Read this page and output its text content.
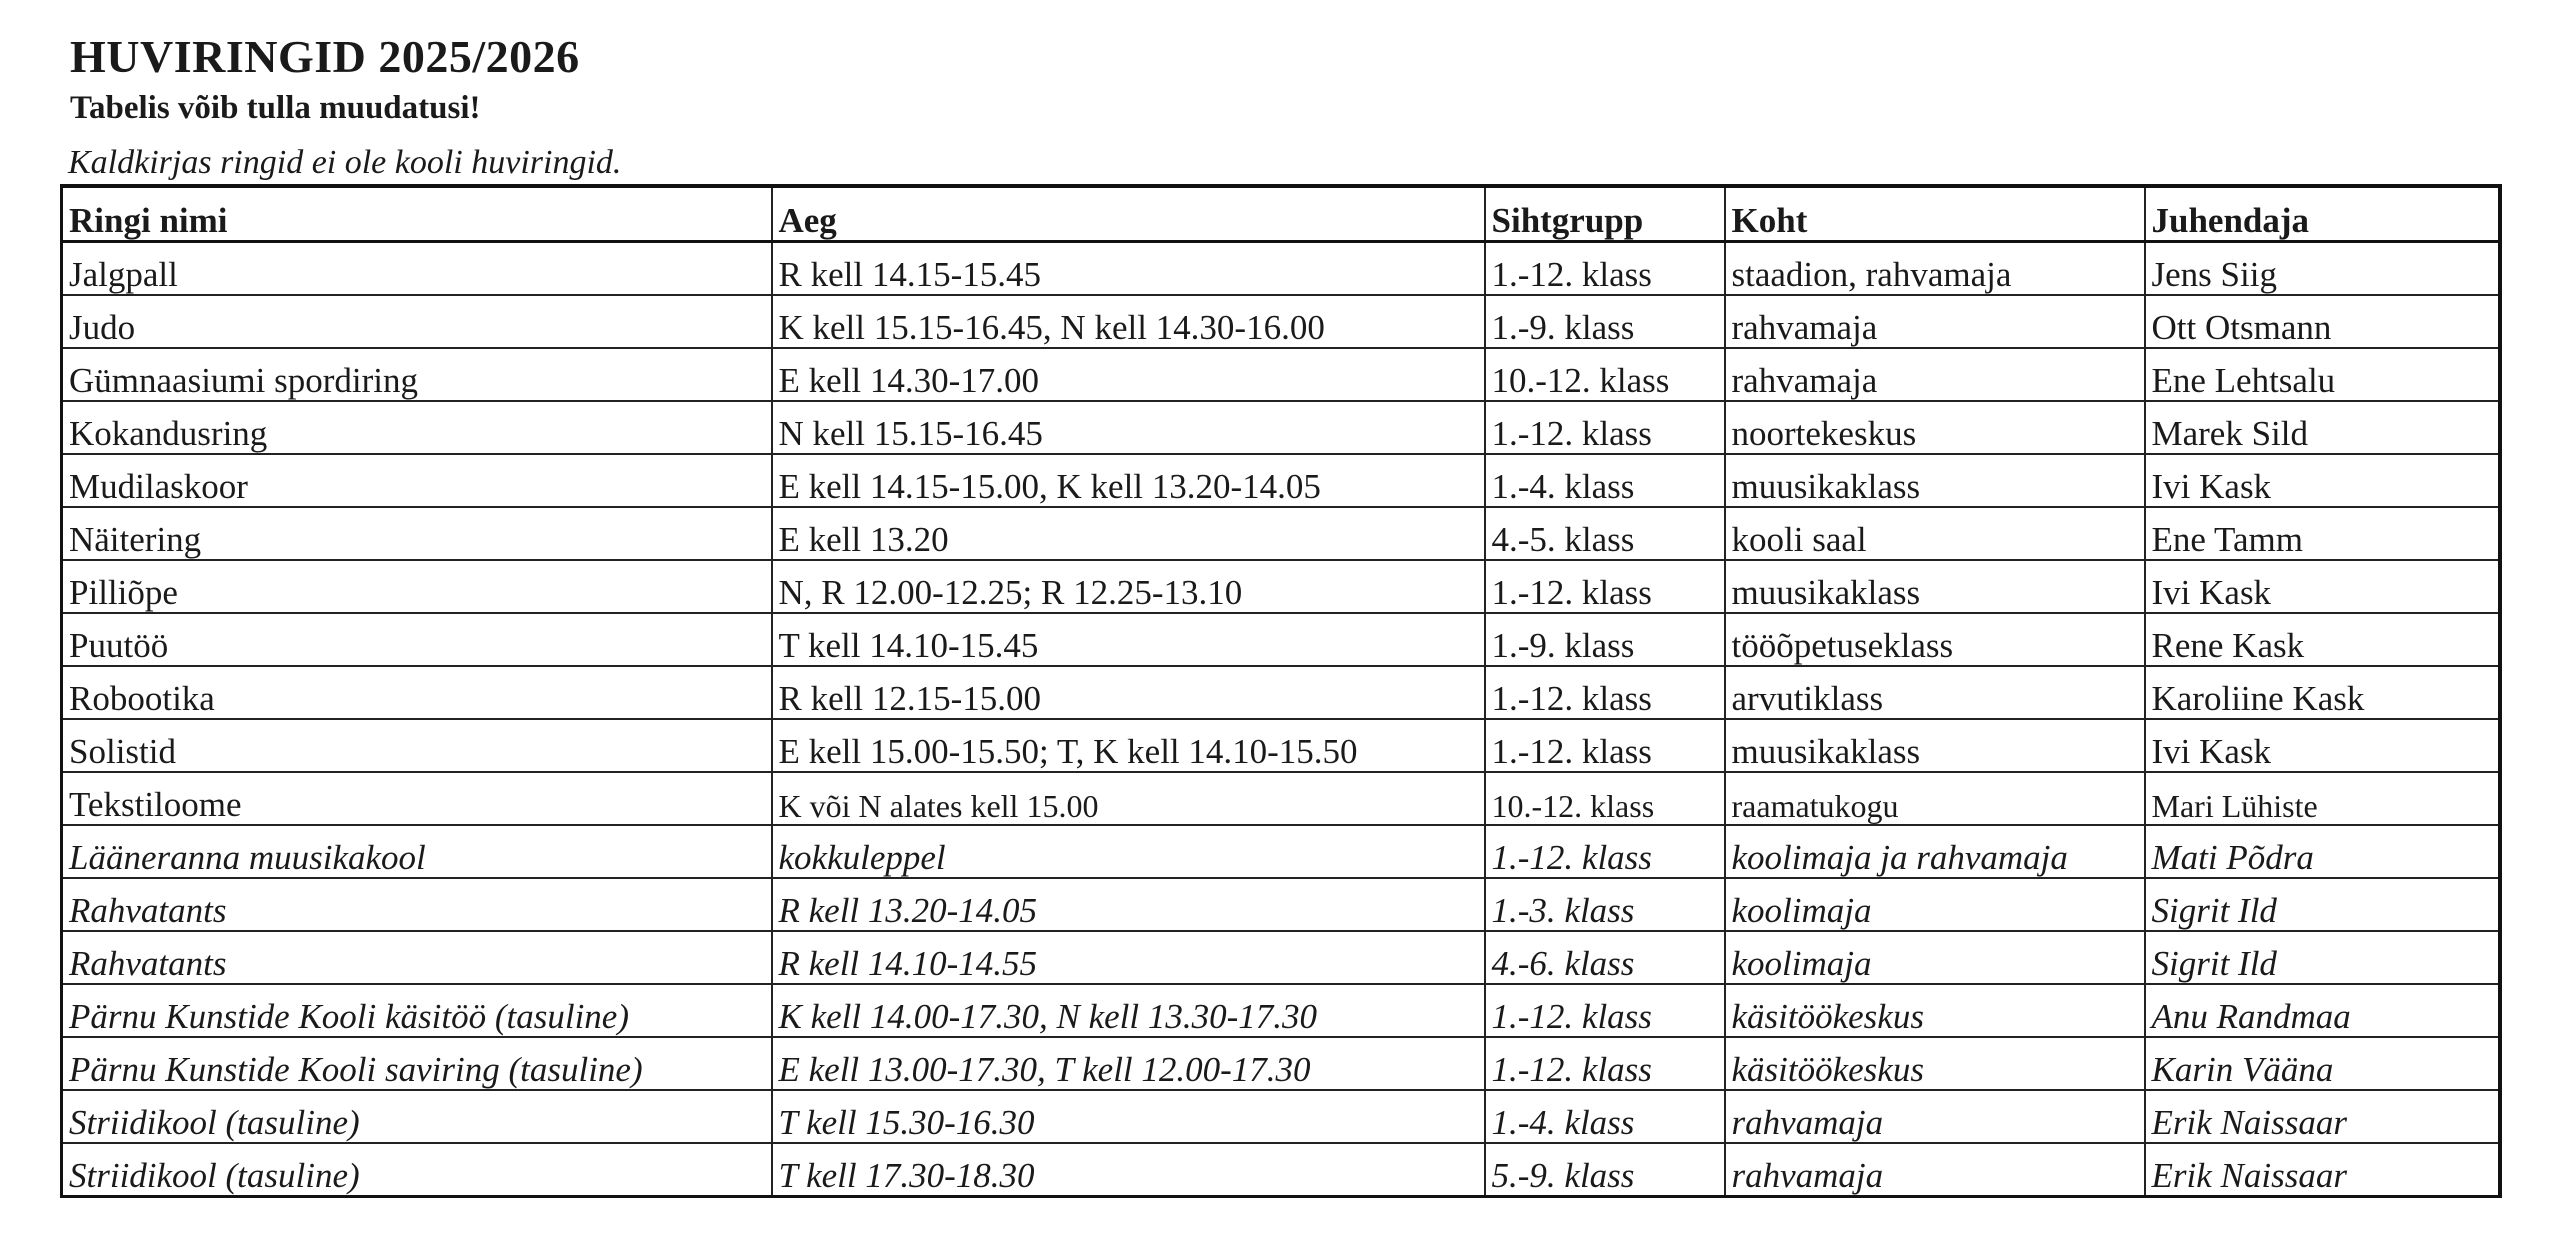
HUVIRINGID 2025/2026

Tabelis võib tulla muudatusi!

Kaldkirjas ringid ei ole kooli huviringid.

Ringi nimi	Aeg	Sihtgrupp	Koht	Juhendaja
Jalgpall	R kell 14.15-15.45	1.-12. klass	staadion, rahvamaja	Jens Siig
Judo	K kell 15.15-16.45, N kell 14.30-16.00	1.-9. klass	rahvamaja	Ott Otsmann
Gümnaasiumi spordiring	E kell 14.30-17.00	10.-12. klass	rahvamaja	Ene Lehtsalu
Kokandusring	N kell 15.15-16.45	1.-12. klass	noortekeskus	Marek Sild
Mudilaskoor	E kell 14.15-15.00, K kell 13.20-14.05	1.-4. klass	muusikaklass	Ivi Kask
Näitering	E kell 13.20	4.-5. klass	kooli saal	Ene Tamm
Pilliõpe	N, R 12.00-12.25; R 12.25-13.10	1.-12. klass	muusikaklass	Ivi Kask
Puutöö	T kell 14.10-15.45	1.-9. klass	tööõpetuseklass	Rene Kask
Robootika	R kell 12.15-15.00	1.-12. klass	arvutiklass	Karoliine Kask
Solistid	E kell 15.00-15.50; T, K kell 14.10-15.50	1.-12. klass	muusikaklass	Ivi Kask
Tekstiloome	K või N alates kell 15.00	10.-12. klass	raamatukogu	Mari Lühiste
Lääneranna muusikakool	kokkuleppel	1.-12. klass	koolimaja ja rahvamaja	Mati Põdra
Rahvatants	R kell 13.20-14.05	1.-3. klass	koolimaja	Sigrit Ild
Rahvatants	R kell 14.10-14.55	4.-6. klass	koolimaja	Sigrit Ild
Pärnu Kunstide Kooli käsitöö (tasuline)	K kell 14.00-17.30, N kell 13.30-17.30	1.-12. klass	käsitöökeskus	Anu Randmaa
Pärnu Kunstide Kooli saviring (tasuline)	E kell 13.00-17.30, T kell 12.00-17.30	1.-12. klass	käsitöökeskus	Karin Vääna
Striidikool (tasuline)	T kell 15.30-16.30	1.-4. klass	rahvamaja	Erik Naissaar
Striidikool (tasuline)	T kell 17.30-18.30	5.-9. klass	rahvamaja	Erik Naissaar
